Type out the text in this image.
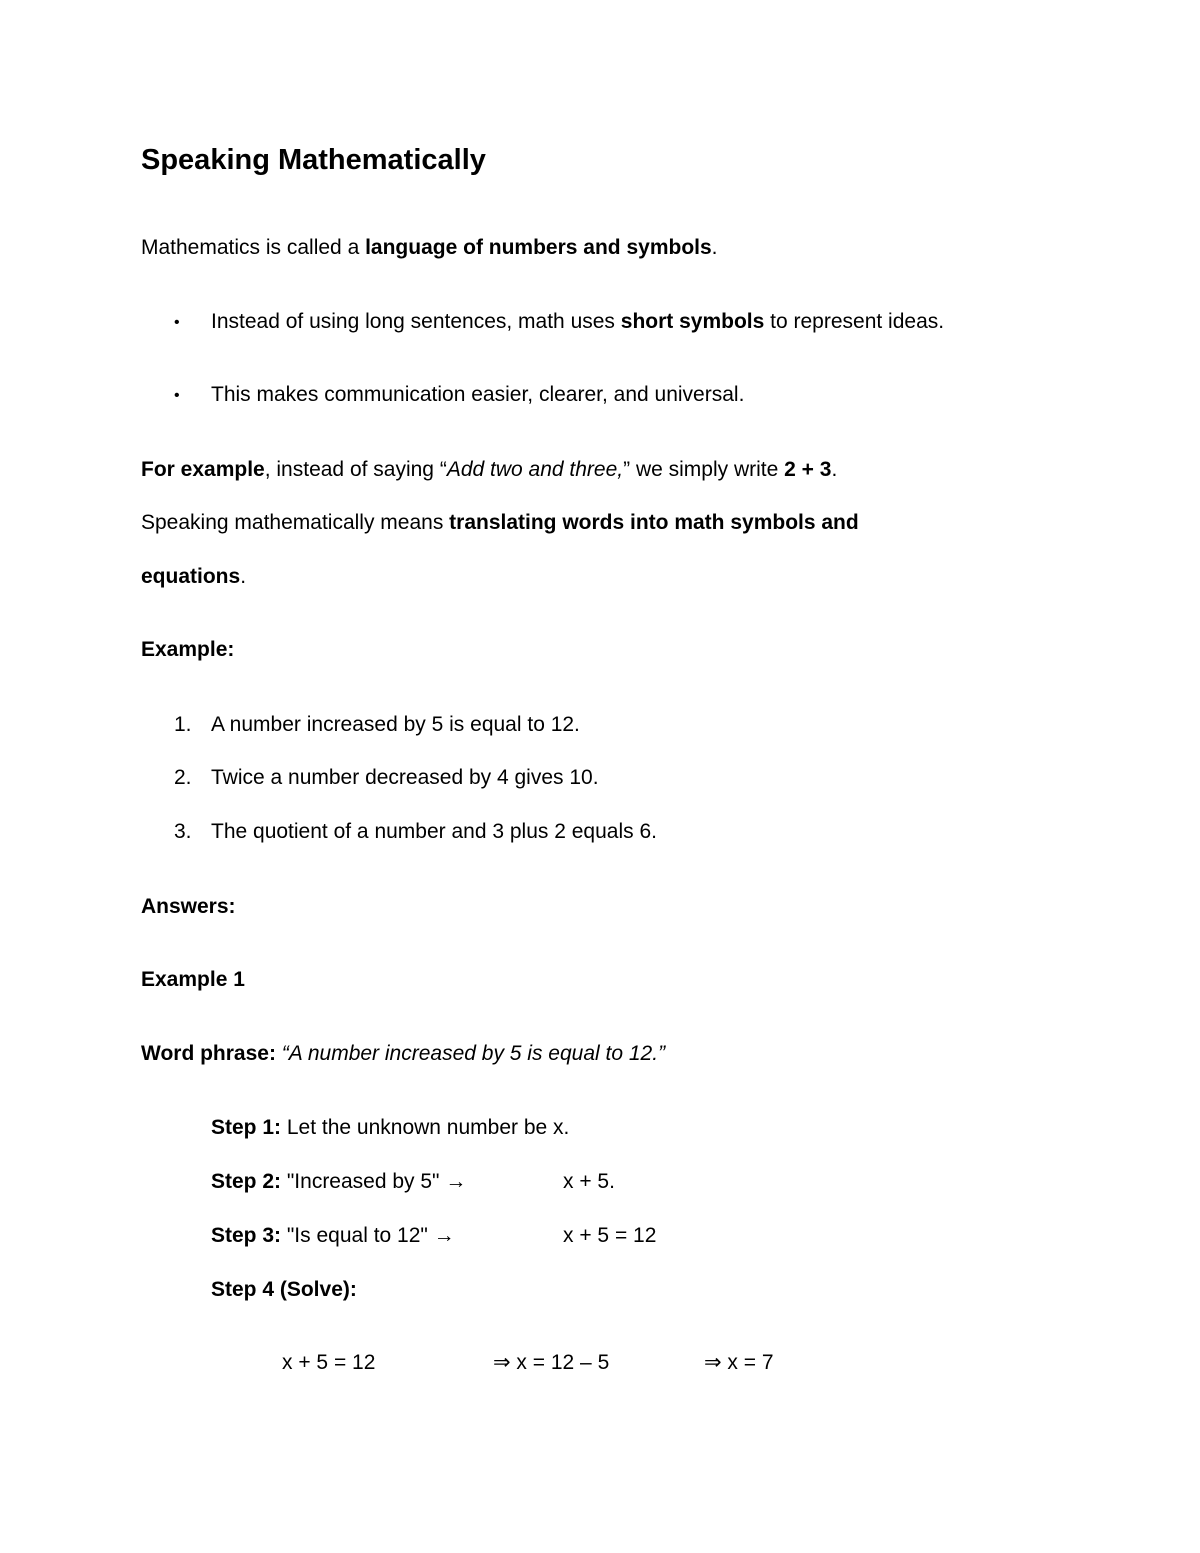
Speaking Mathematically
Mathematics is called a language of numbers and symbols.
• Instead of using long sentences, math uses short symbols to represent ideas.
• This makes communication easier, clearer, and universal.
For example, instead of saying “Add two and three,” we simply write 2 + 3.
Speaking mathematically means translating words into math symbols and
equations.
Example:
1. A number increased by 5 is equal to 12.
2. Twice a number decreased by 4 gives 10.
3. The quotient of a number and 3 plus 2 equals 6.
Answers:
Example 1
Word phrase: “A number increased by 5 is equal to 12.”
Step 1: Let the unknown number be x.
Step 2: "Increased by 5" →	x + 5.
Step 3: "Is equal to 12" →	x + 5 = 12
Step 4 (Solve):
x + 5 = 12	⇒ x = 12 – 5	⇒ x = 7
